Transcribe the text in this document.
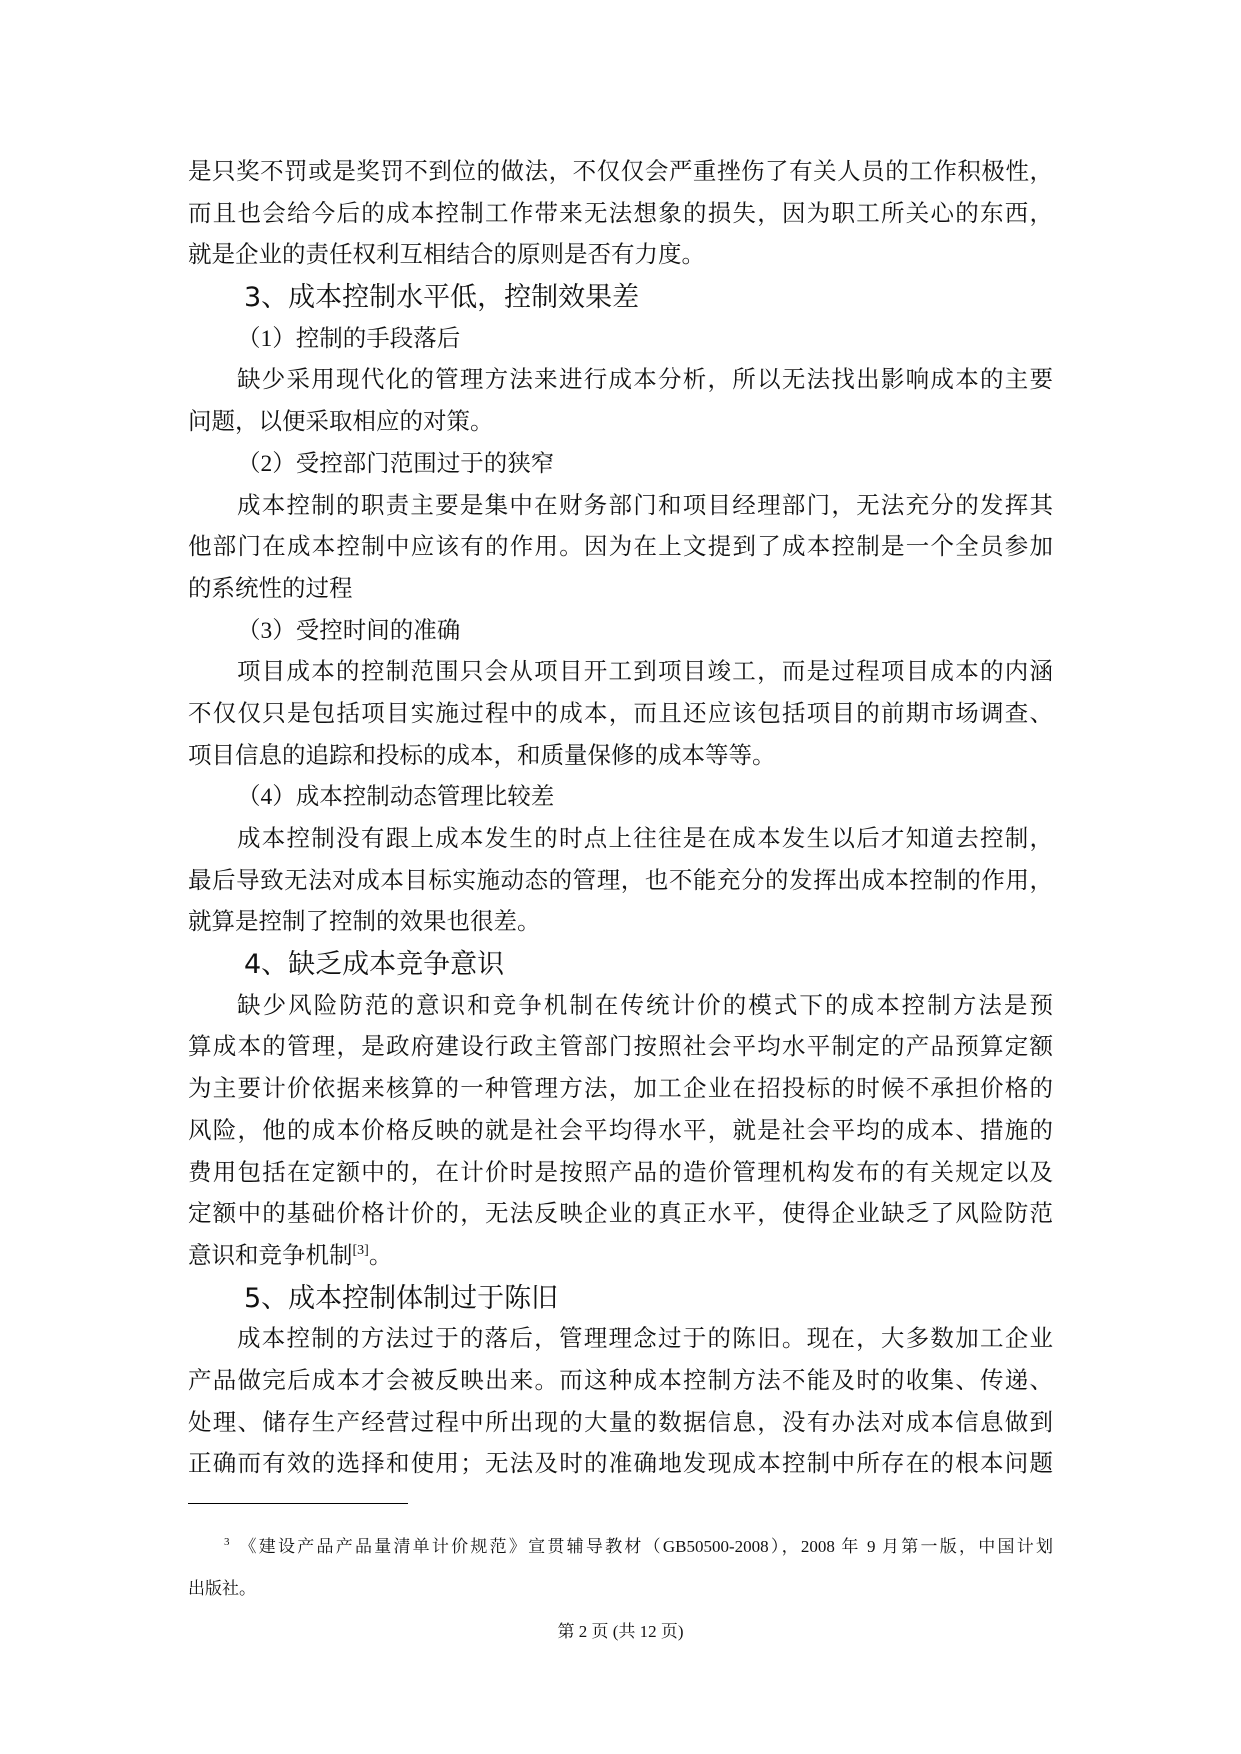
是只奖不罚或是奖罚不到位的做法，不仅仅会严重挫伤了有关人员的工作积极性，
而且也会给今后的成本控制工作带来无法想象的损失，因为职工所关心的东西，
就是企业的责任权利互相结合的原则是否有力度。
3、成本控制水平低，控制效果差
（1）控制的手段落后
缺少采用现代化的管理方法来进行成本分析，所以无法找出影响成本的主要
问题，以便采取相应的对策。
（2）受控部门范围过于的狭窄
成本控制的职责主要是集中在财务部门和项目经理部门，无法充分的发挥其
他部门在成本控制中应该有的作用。因为在上文提到了成本控制是一个全员参加
的系统性的过程
（3）受控时间的准确
项目成本的控制范围只会从项目开工到项目竣工，而是过程项目成本的内涵
不仅仅只是包括项目实施过程中的成本，而且还应该包括项目的前期市场调查、
项目信息的追踪和投标的成本，和质量保修的成本等等。
（4）成本控制动态管理比较差
成本控制没有跟上成本发生的时点上往往是在成本发生以后才知道去控制，
最后导致无法对成本目标实施动态的管理，也不能充分的发挥出成本控制的作用，
就算是控制了控制的效果也很差。
4、缺乏成本竞争意识
缺少风险防范的意识和竞争机制在传统计价的模式下的成本控制方法是预
算成本的管理，是政府建设行政主管部门按照社会平均水平制定的产品预算定额
为主要计价依据来核算的一种管理方法，加工企业在招投标的时候不承担价格的
风险，他的成本价格反映的就是社会平均得水平，就是社会平均的成本、措施的
费用包括在定额中的，在计价时是按照产品的造价管理机构发布的有关规定以及
定额中的基础价格计价的，无法反映企业的真正水平，使得企业缺乏了风险防范
意识和竞争机制[3]。
5、成本控制体制过于陈旧
成本控制的方法过于的落后，管理理念过于的陈旧。现在，大多数加工企业
产品做完后成本才会被反映出来。而这种成本控制方法不能及时的收集、传递、
处理、储存生产经营过程中所出现的大量的数据信息，没有办法对成本信息做到
正确而有效的选择和使用；无法及时的准确地发现成本控制中所存在的根本问题
3 《建设产品产品量清单计价规范》宣贯辅导教材（GB50500-2008），2008 年 9 月第一版，中国计划
出版社。
第 2 页 (共 12 页)
